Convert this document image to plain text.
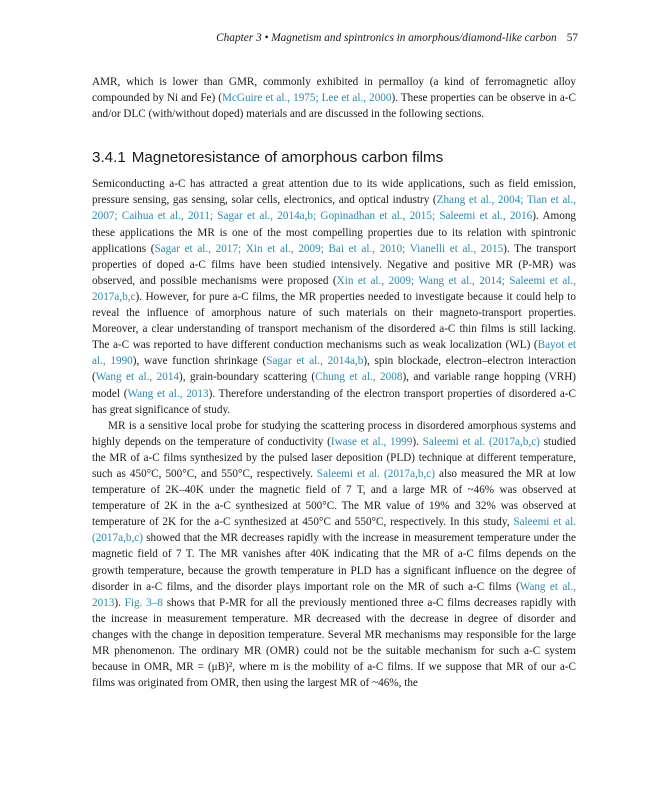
Chapter 3 • Magnetism and spintronics in amorphous/diamond-like carbon 57

AMR, which is lower than GMR, commonly exhibited in permalloy (a kind of ferromagnetic alloy compounded by Ni and Fe) (McGuire et al., 1975; Lee et al., 2000). These properties can be observe in a-C and/or DLC (with/without doped) materials and are discussed in the following sections.

3.4.1 Magnetoresistance of amorphous carbon films

Semiconducting a-C has attracted a great attention due to its wide applications, such as field emission, pressure sensing, gas sensing, solar cells, electronics, and optical industry (Zhang et al., 2004; Tian et al., 2007; Caihua et al., 2011; Sagar et al., 2014a,b; Gopinadhan et al., 2015; Saleemi et al., 2016). Among these applications the MR is one of the most compelling properties due to its relation with spintronic applications (Sagar et al., 2017; Xin et al., 2009; Bai et al., 2010; Vianelli et al., 2015). The transport properties of doped a-C films have been studied intensively. Negative and positive MR (P-MR) was observed, and possible mechanisms were proposed (Xin et al., 2009; Wang et al., 2014; Saleemi et al., 2017a,b,c). However, for pure a-C films, the MR properties needed to investigate because it could help to reveal the influence of amorphous nature of such materials on their magneto-transport properties. Moreover, a clear understanding of transport mechanism of the disordered a-C thin films is still lacking. The a-C was reported to have different conduction mechanisms such as weak localization (WL) (Bayot et al., 1990), wave function shrinkage (Sagar et al., 2014a,b), spin blockade, electron–electron interaction (Wang et al., 2014), grain-boundary scattering (Chung et al., 2008), and variable range hopping (VRH) model (Wang et al., 2013). Therefore understanding of the electron transport properties of disordered a-C has great significance of study.

MR is a sensitive local probe for studying the scattering process in disordered amorphous systems and highly depends on the temperature of conductivity (Iwase et al., 1999). Saleemi et al. (2017a,b,c) studied the MR of a-C films synthesized by the pulsed laser deposition (PLD) technique at different temperature, such as 450°C, 500°C, and 550°C, respectively. Saleemi et al. (2017a,b,c) also measured the MR at low temperature of 2K–40K under the magnetic field of 7 T, and a large MR of ~46% was observed at temperature of 2K in the a-C synthesized at 500°C. The MR value of 19% and 32% was observed at temperature of 2K for the a-C synthesized at 450°C and 550°C, respectively. In this study, Saleemi et al. (2017a,b,c) showed that the MR decreases rapidly with the increase in measurement temperature under the magnetic field of 7 T. The MR vanishes after 40K indicating that the MR of a-C films depends on the growth temperature, because the growth temperature in PLD has a significant influence on the degree of disorder in a-C films, and the disorder plays important role on the MR of such a-C films (Wang et al., 2013). Fig. 3–8 shows that P-MR for all the previously mentioned three a-C films decreases rapidly with the increase in measurement temperature. MR decreased with the decrease in degree of disorder and changes with the change in deposition temperature. Several MR mechanisms may responsible for the large MR phenomenon. The ordinary MR (OMR) could not be the suitable mechanism for such a-C system because in OMR, MR = (μB)², where m is the mobility of a-C films. If we suppose that MR of our a-C films was originated from OMR, then using the largest MR of ~46%, the
